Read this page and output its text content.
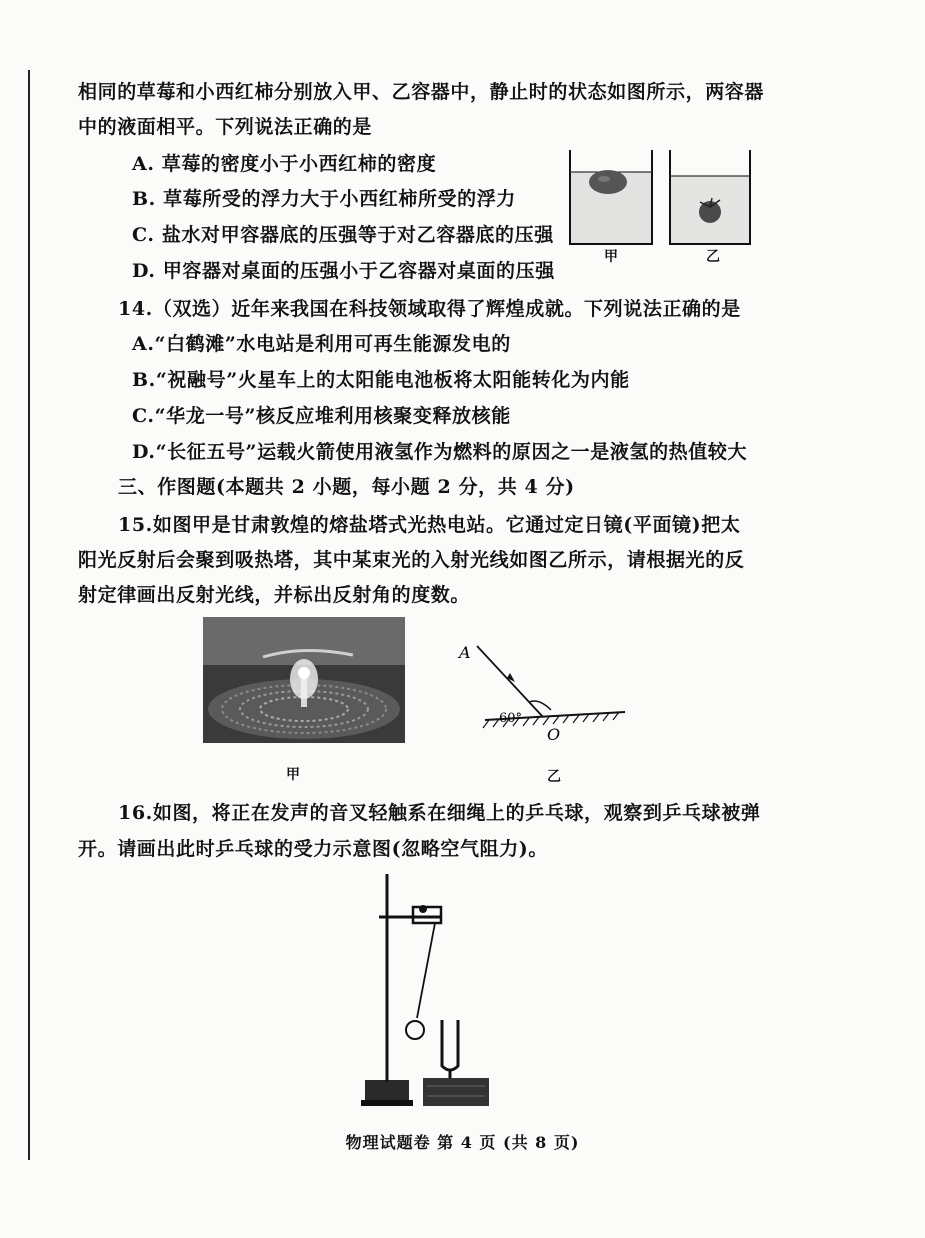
相同的草莓和小西红柿分别放入甲、乙容器中，静止时的状态如图所示，两容器
中的液面相平。下列说法正确的是
A. 草莓的密度小于小西红柿的密度
B. 草莓所受的浮力大于小西红柿所受的浮力
C. 盐水对甲容器底的压强等于对乙容器底的压强
D. 甲容器对桌面的压强小于乙容器对桌面的压强
甲	乙
14.（双选）近年来我国在科技领域取得了辉煌成就。下列说法正确的是
A.“白鹤滩”水电站是利用可再生能源发电的
B.“祝融号”火星车上的太阳能电池板将太阳能转化为内能
C.“华龙一号”核反应堆利用核聚变释放核能
D.“长征五号”运载火箭使用液氢作为燃料的原因之一是液氢的热值较大
三、作图题(本题共 2 小题，每小题 2 分，共 4 分)
15.如图甲是甘肃敦煌的熔盐塔式光热电站。它通过定日镜(平面镜)把太
阳光反射后会聚到吸热塔，其中某束光的入射光线如图乙所示，请根据光的反
射定律画出反射光线，并标出反射角的度数。
甲
A
60°
O
乙
16.如图，将正在发声的音叉轻触系在细绳上的乒乓球，观察到乒乓球被弹
开。请画出此时乒乓球的受力示意图(忽略空气阻力)。
物理试题卷 第 4 页 (共 8 页)
